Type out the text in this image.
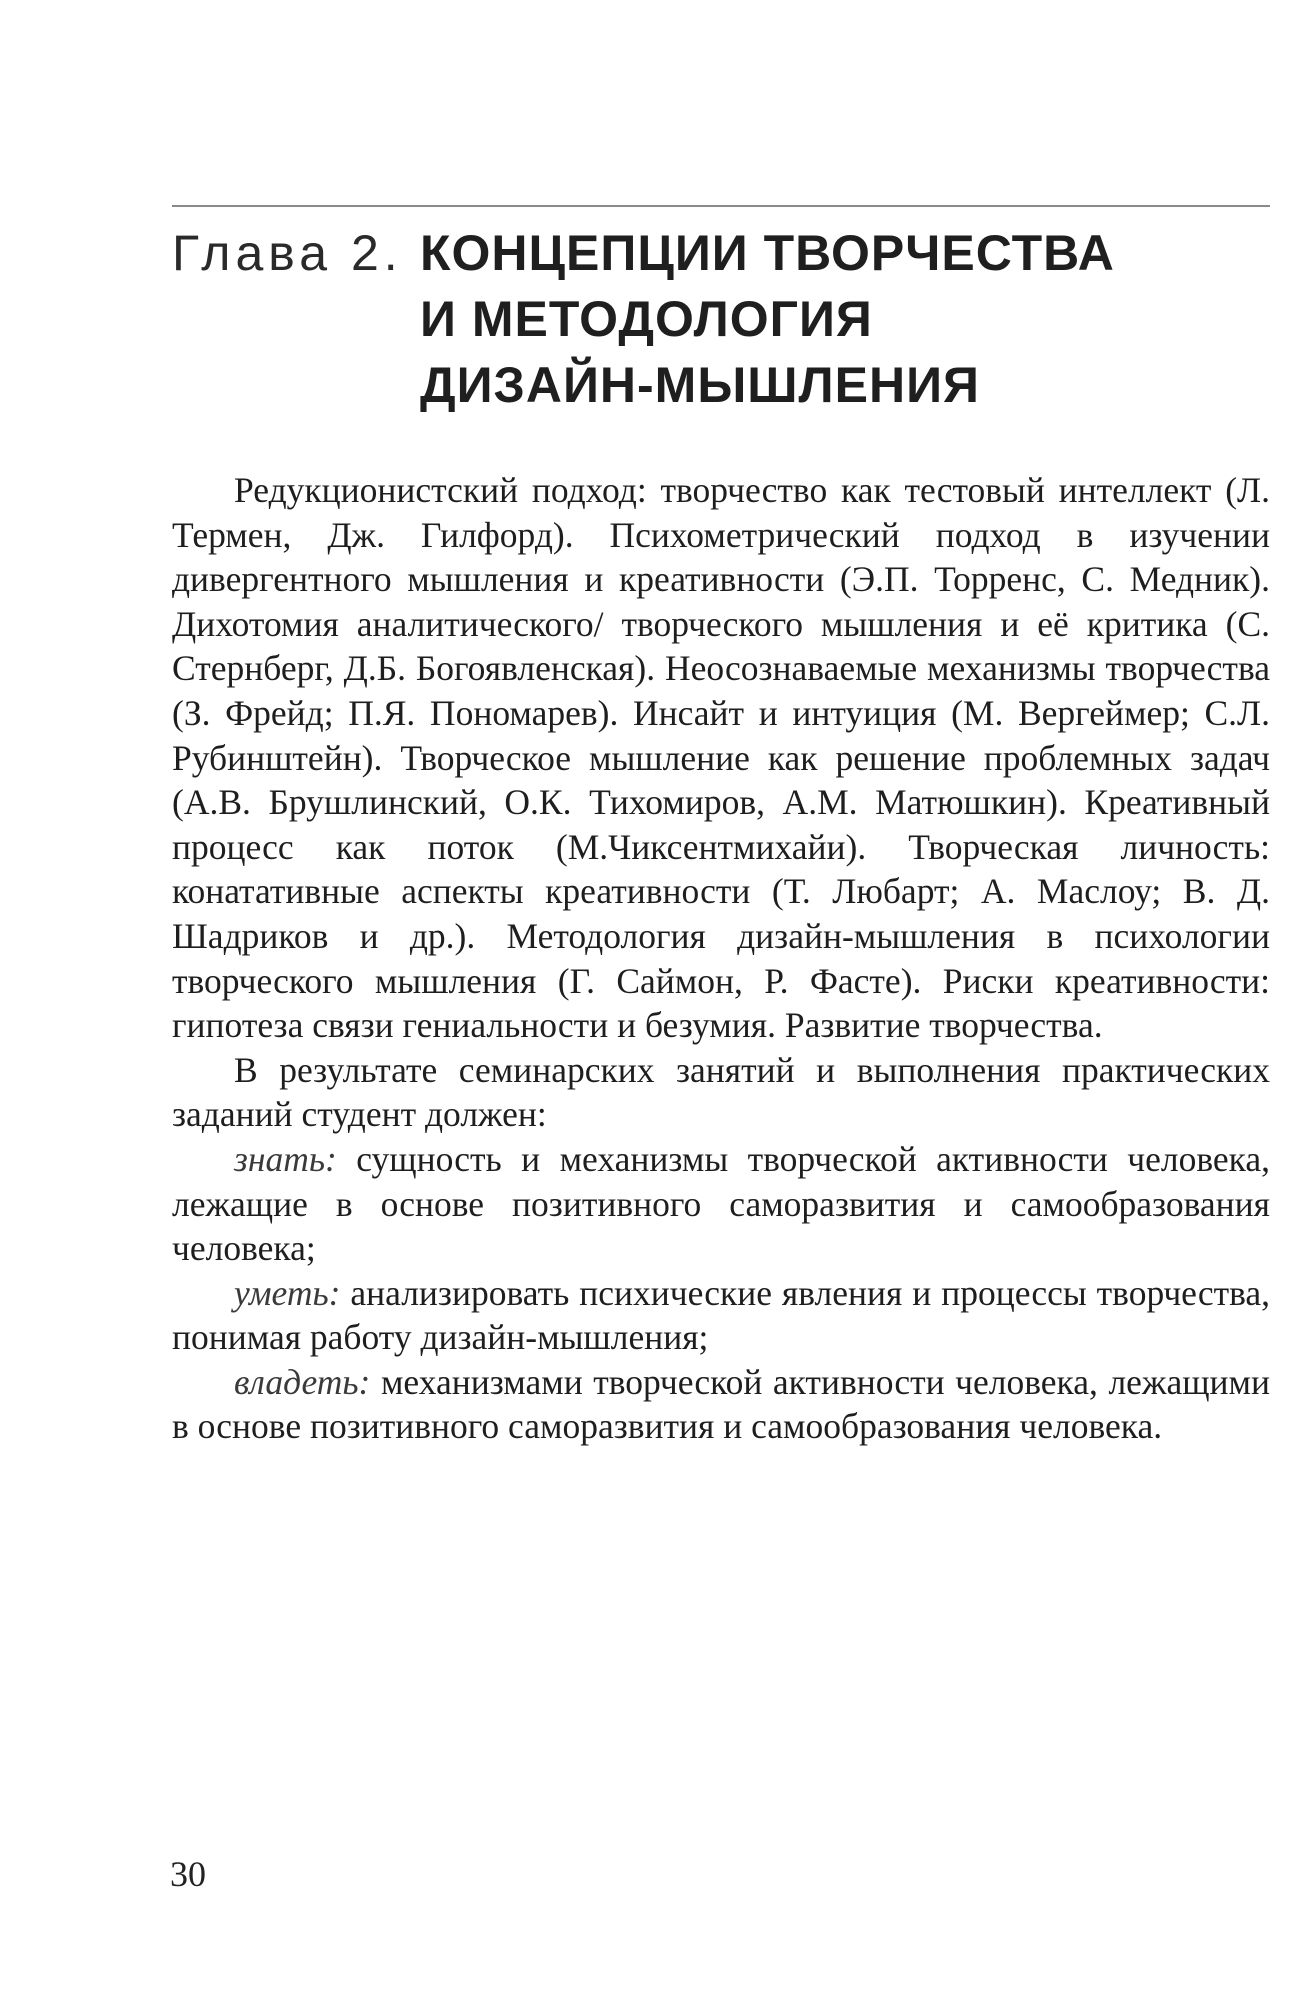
Глава 2. КОНЦЕПЦИИ ТВОРЧЕСТВА
И МЕТОДОЛОГИЯ
ДИЗАЙН-МЫШЛЕНИЯ

Редукционистский подход: творчество как тестовый интеллект (Л. Термен, Дж. Гилфорд). Психометрический подход в изучении дивергентного мышления и креативности (Э.П. Торренс, С. Медник). Дихотомия аналитического/ творческого мышления и её критика (С. Стернберг, Д.Б. Богоявленская). Неосознаваемые механизмы творчества (З. Фрейд; П.Я. Пономарев). Инсайт и интуиция (М. Вергеймер; С.Л. Рубинштейн). Творческое мышление как решение проблемных задач (А.В. Брушлинский, О.К. Тихомиров, А.М. Матюшкин). Креативный процесс как поток (М.Чиксентмихайи). Творческая личность: конатативные аспекты креативности (Т. Любарт; А. Маслоу; В. Д. Шадриков и др.). Методология дизайн-мышления в психологии творческого мышления (Г. Саймон, Р. Фасте). Риски креативности: гипотеза связи гениальности и безумия. Развитие творчества.

В результате семинарских занятий и выполнения практических заданий студент должен:

знать: сущность и механизмы творческой активности человека, лежащие в основе позитивного саморазвития и самообразования человека;

уметь: анализировать психические явления и процессы творчества, понимая работу дизайн-мышления;

владеть: механизмами творческой активности человека, лежащими в основе позитивного саморазвития и самообразования человека.

30
